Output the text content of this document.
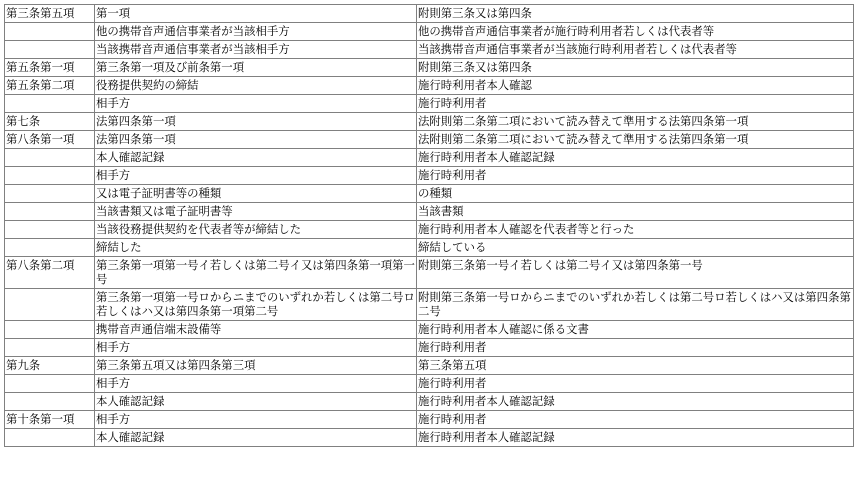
第三条第五項	第一項	附則第三条又は第四条
	他の携帯音声通信事業者が当該相手方	他の携帯音声通信事業者が施行時利用者若しくは代表者等
	当該携帯音声通信事業者が当該相手方	当該携帯音声通信事業者が当該施行時利用者若しくは代表者等
第五条第一項	第三条第一項及び前条第一項	附則第三条又は第四条
第五条第二項	役務提供契約の締結	施行時利用者本人確認
	相手方	施行時利用者
第七条	法第四条第一項	法附則第二条第二項において読み替えて準用する法第四条第一項
第八条第一項	法第四条第一項	法附則第二条第二項において読み替えて準用する法第四条第一項
	本人確認記録	施行時利用者本人確認記録
	相手方	施行時利用者
	又は電子証明書等の種類	の種類
	当該書類又は電子証明書等	当該書類
	当該役務提供契約を代表者等が締結した	施行時利用者本人確認を代表者等と行った
	締結した	締結している
第八条第二項	第三条第一項第一号イ若しくは第二号イ又は第四条第一項第一号	附則第三条第一号イ若しくは第二号イ又は第四条第一号
	第三条第一項第一号ロからニまでのいずれか若しくは第二号ロ若しくはハ又は第四条第一項第二号	附則第三条第一号ロからニまでのいずれか若しくは第二号ロ若しくはハ又は第四条第二号
	携帯音声通信端末設備等	施行時利用者本人確認に係る文書
	相手方	施行時利用者
第九条	第三条第五項又は第四条第三項	第三条第五項
	相手方	施行時利用者
	本人確認記録	施行時利用者本人確認記録
第十条第一項	相手方	施行時利用者
	本人確認記録	施行時利用者本人確認記録
